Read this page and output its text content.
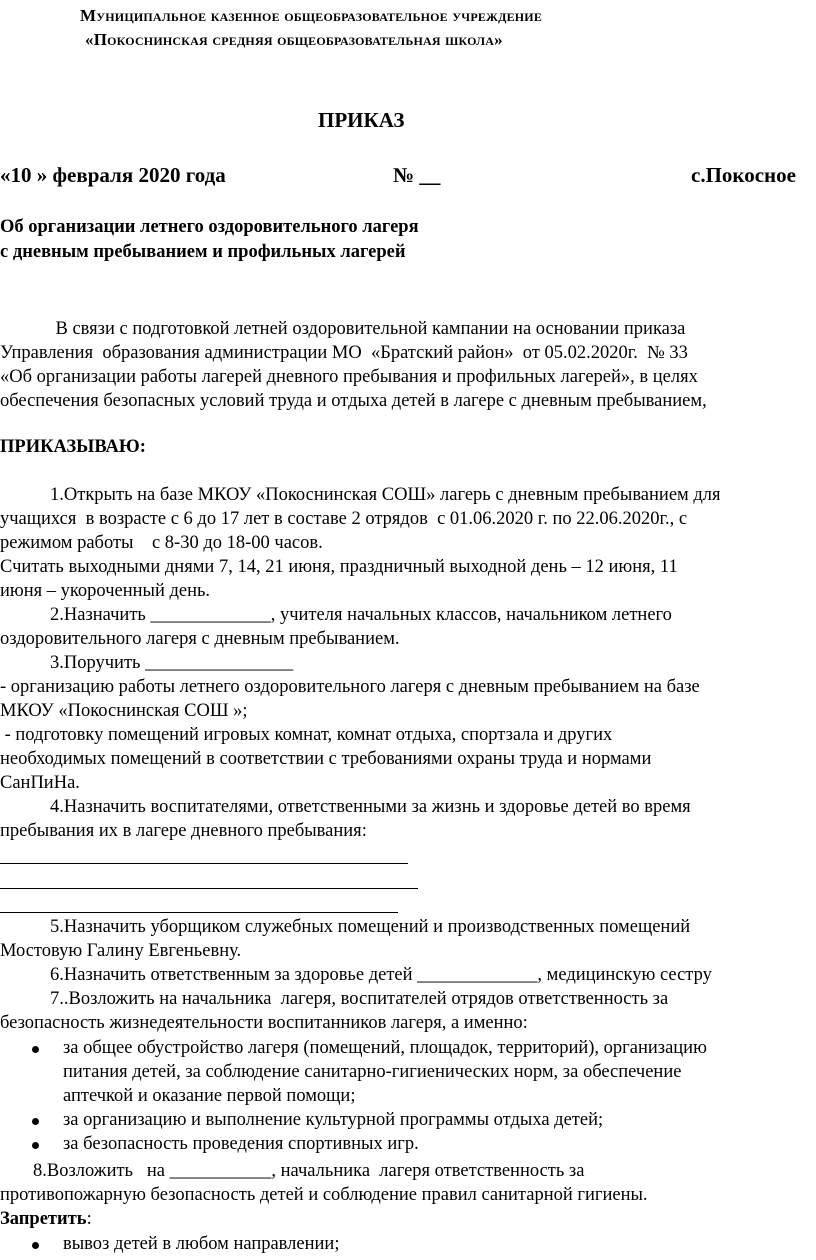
Муниципальное казенное общеобразовательное учреждение
«Покоснинская средняя общеобразовательная школа»
ПРИКАЗ
«10 » февраля 2020 года	№ __	с.Покосное
Об организации летнего оздоровительного лагеря
с дневным пребыванием и профильных лагерей
В связи с подготовкой летней оздоровительной кампании на основании приказа
Управления  образования администрации МО  «Братский район»  от 05.02.2020г.  № 33
«Об организации работы лагерей дневного пребывания и профильных лагерей», в целях
обеспечения безопасных условий труда и отдыха детей в лагере с дневным пребыванием,
ПРИКАЗЫВАЮ:
1.Открыть на базе МКОУ «Покоснинская СОШ» лагерь с дневным пребыванием для
учащихся  в возрасте с 6 до 17 лет в составе 2 отрядов  с 01.06.2020 г. по 22.06.2020г., с
режимом работы    с 8-30 до 18-00 часов.
Считать выходными днями 7, 14, 21 июня, праздничный выходной день – 12 июня, 11
июня – укороченный день.
2.Назначить _____________, учителя начальных классов, начальником летнего
оздоровительного лагеря с дневным пребыванием.
3.Поручить ________________
- организацию работы летнего оздоровительного лагеря с дневным пребыванием на базе
МКОУ «Покоснинская СОШ »;
- подготовку помещений игровых комнат, комнат отдыха, спортзала и других
необходимых помещений в соответствии с требованиями охраны труда и нормами
СанПиНа.
4.Назначить воспитателями, ответственными за жизнь и здоровье детей во время
пребывания их в лагере дневного пребывания:
5.Назначить уборщиком служебных помещений и производственных помещений
Мостовую Галину Евгеньевну.
6.Назначить ответственным за здоровье детей _____________, медицинскую сестру
7..Возложить на начальника  лагеря, воспитателей отрядов ответственность за
безопасность жизнедеятельности воспитанников лагеря, а именно:
за общее обустройство лагеря (помещений, площадок, территорий), организацию
питания детей, за соблюдение санитарно-гигиенических норм, за обеспечение
аптечкой и оказание первой помощи;
за организацию и выполнение культурной программы отдыха детей;
за безопасность проведения спортивных игр.
8.Возложить   на ___________, начальника  лагеря ответственность за
противопожарную безопасность детей и соблюдение правил санитарной гигиены.
Запретить:
вывоз детей в любом направлении;
